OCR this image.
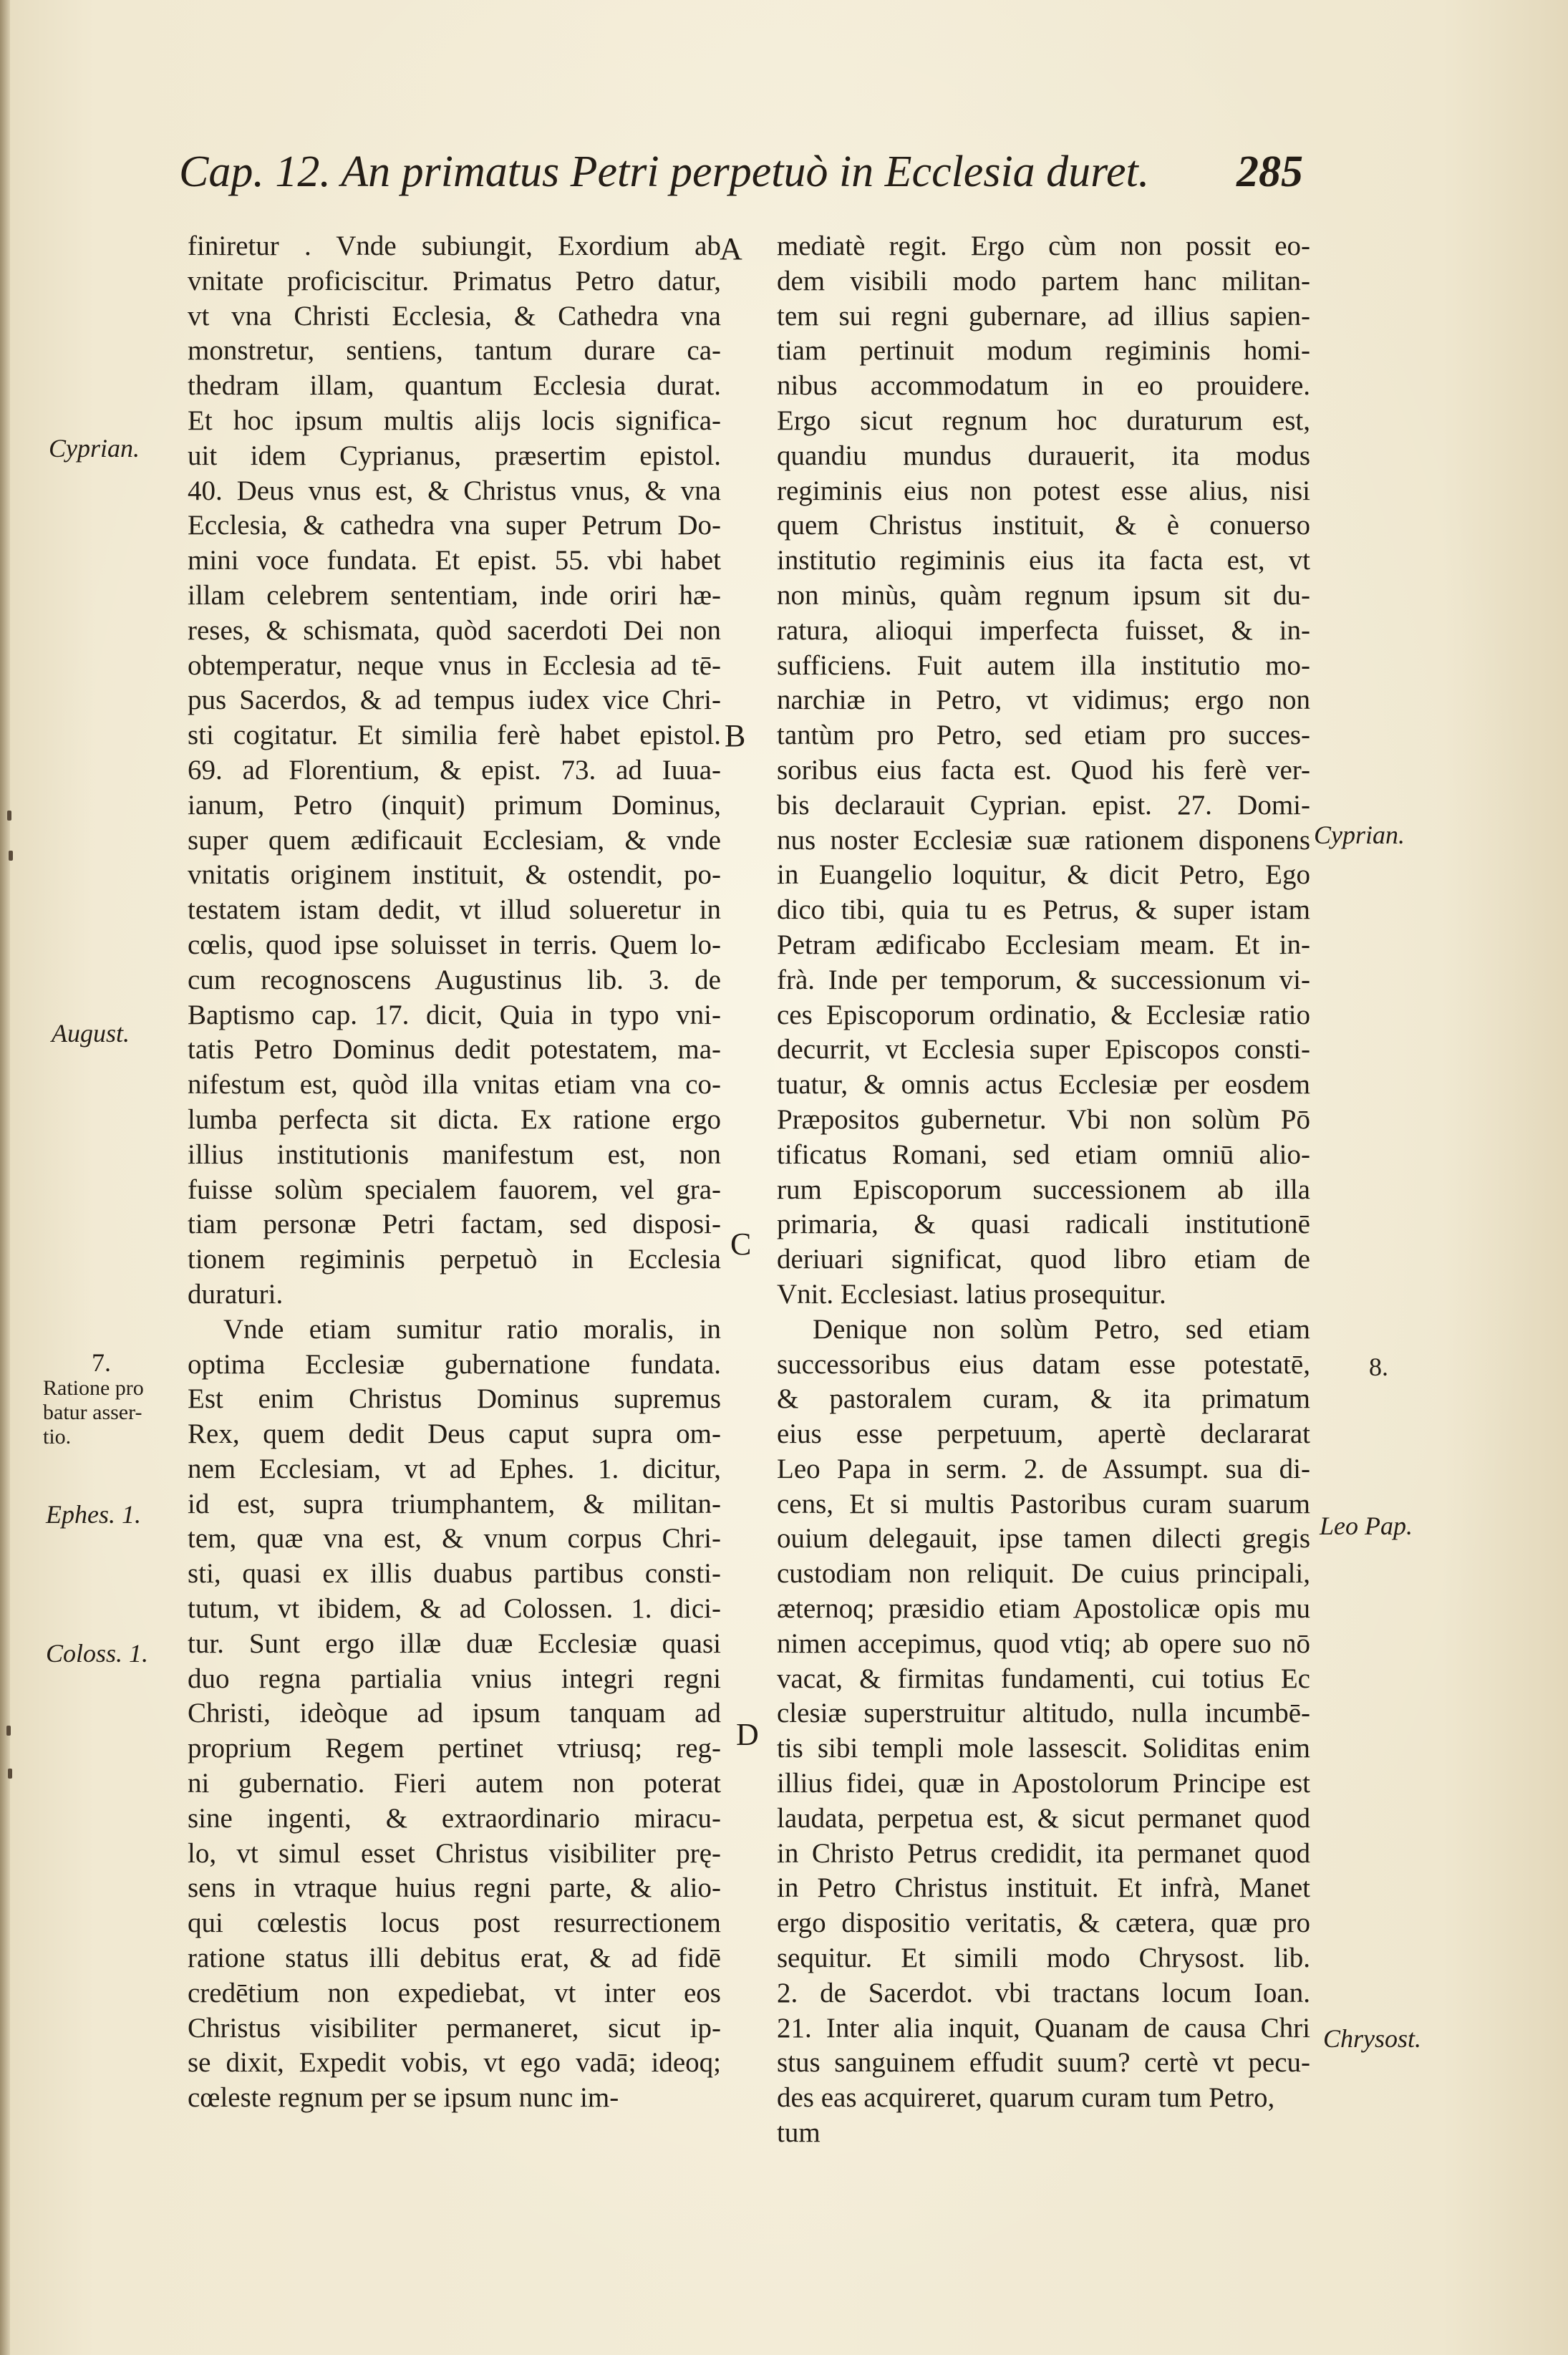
Cap. 12. An primatus Petri perpetuò in Ecclesia duret. 285
finiretur . Vnde subiungit, Exordium ab
vnitate proficiscitur. Primatus Petro datur,
vt vna Christi Ecclesia, & Cathedra vna
monstretur, sentiens, tantum durare ca-
thedram illam, quantum Ecclesia durat.
Et hoc ipsum multis alijs locis significa-
uit idem Cyprianus, præsertim epistol.
40. Deus vnus est, & Christus vnus, & vna
Ecclesia, & cathedra vna super Petrum Do-
mini voce fundata. Et epist. 55. vbi habet
illam celebrem sententiam, inde oriri hæ-
reses, & schismata, quòd sacerdoti Dei non
obtemperatur, neque vnus in Ecclesia ad tē-
pus Sacerdos, & ad tempus iudex vice Chri-
sti cogitatur. Et similia ferè habet epistol.
69. ad Florentium, & epist. 73. ad Iuua-
ianum, Petro (inquit) primum Dominus,
super quem ædificauit Ecclesiam, & vnde
vnitatis originem instituit, & ostendit, po-
testatem istam dedit, vt illud solueretur in
cœlis, quod ipse soluisset in terris. Quem lo-
cum recognoscens Augustinus lib. 3. de
Baptismo cap. 17. dicit, Quia in typo vni-
tatis Petro Dominus dedit potestatem, ma-
nifestum est, quòd illa vnitas etiam vna co-
lumba perfecta sit dicta. Ex ratione ergo
illius institutionis manifestum est, non
fuisse solùm specialem fauorem, vel gra-
tiam personæ Petri factam, sed disposi-
tionem regiminis perpetuò in Ecclesia
duraturi.
Vnde etiam sumitur ratio moralis, in
optima Ecclesiæ gubernatione fundata.
Est enim Christus Dominus supremus
Rex, quem dedit Deus caput supra om-
nem Ecclesiam, vt ad Ephes. 1. dicitur,
id est, supra triumphantem, & militan-
tem, quæ vna est, & vnum corpus Chri-
sti, quasi ex illis duabus partibus consti-
tutum, vt ibidem, & ad Colossen. 1. dici-
tur. Sunt ergo illæ duæ Ecclesiæ quasi
duo regna partialia vnius integri regni
Christi, ideòque ad ipsum tanquam ad
proprium Regem pertinet vtriusq; reg-
ni gubernatio. Fieri autem non poterat
sine ingenti, & extraordinario miracu-
lo, vt simul esset Christus visibiliter prę-
sens in vtraque huius regni parte, & alio-
qui cœlestis locus post resurrectionem
ratione status illi debitus erat, & ad fidē
credētium non expediebat, vt inter eos
Christus visibiliter permaneret, sicut ip-
se dixit, Expedit vobis, vt ego vadā; ideoq;
cœleste regnum per se ipsum nunc im-
mediatè regit. Ergo cùm non possit eo-
dem visibili modo partem hanc militan-
tem sui regni gubernare, ad illius sapien-
tiam pertinuit modum regiminis homi-
nibus accommodatum in eo prouidere.
Ergo sicut regnum hoc duraturum est,
quandiu mundus durauerit, ita modus
regiminis eius non potest esse alius, nisi
quem Christus instituit, & è conuerso
institutio regiminis eius ita facta est, vt
non minùs, quàm regnum ipsum sit du-
ratura, alioqui imperfecta fuisset, & in-
sufficiens. Fuit autem illa institutio mo-
narchiæ in Petro, vt vidimus; ergo non
tantùm pro Petro, sed etiam pro succes-
soribus eius facta est. Quod his ferè ver-
bis declarauit Cyprian. epist. 27. Domi-
nus noster Ecclesiæ suæ rationem disponens
in Euangelio loquitur, & dicit Petro, Ego
dico tibi, quia tu es Petrus, & super istam
Petram ædificabo Ecclesiam meam. Et in-
frà. Inde per temporum, & successionum vi-
ces Episcoporum ordinatio, & Ecclesiæ ratio
decurrit, vt Ecclesia super Episcopos consti-
tuatur, & omnis actus Ecclesiæ per eosdem
Præpositos gubernetur. Vbi non solùm Pō
tificatus Romani, sed etiam omniū alio-
rum Episcoporum successionem ab illa
primaria, & quasi radicali institutionē
deriuari significat, quod libro etiam de
Vnit. Ecclesiast. latius prosequitur.
Denique non solùm Petro, sed etiam
successoribus eius datam esse potestatē,
& pastoralem curam, & ita primatum
eius esse perpetuum, apertè declararat
Leo Papa in serm. 2. de Assumpt. sua di-
cens, Et si multis Pastoribus curam suarum
ouium delegauit, ipse tamen dilecti gregis
custodiam non reliquit. De cuius principali,
æternoq; præsidio etiam Apostolicæ opis mu
nimen accepimus, quod vtiq; ab opere suo nō
vacat, & firmitas fundamenti, cui totius Ec
clesiæ superstruitur altitudo, nulla incumbē-
tis sibi templi mole lassescit. Soliditas enim
illius fidei, quæ in Apostolorum Principe est
laudata, perpetua est, & sicut permanet quod
in Christo Petrus credidit, ita permanet quod
in Petro Christus instituit. Et infrà, Manet
ergo dispositio veritatis, & cætera, quæ pro
sequitur. Et simili modo Chrysost. lib.
2. de Sacerdot. vbi tractans locum Ioan.
21. Inter alia inquit, Quanam de causa Chri
stus sanguinem effudit suum? certè vt pecu-
des eas acquireret, quarum curam tum Petro,
tum
A
B
C
D
Cyprian.
August.
7.
Ratione pro
batur asser-
tio.
Ephes. 1.
Coloss. 1.
Cyprian.
8.
Leo Pap.
Chrysost.
